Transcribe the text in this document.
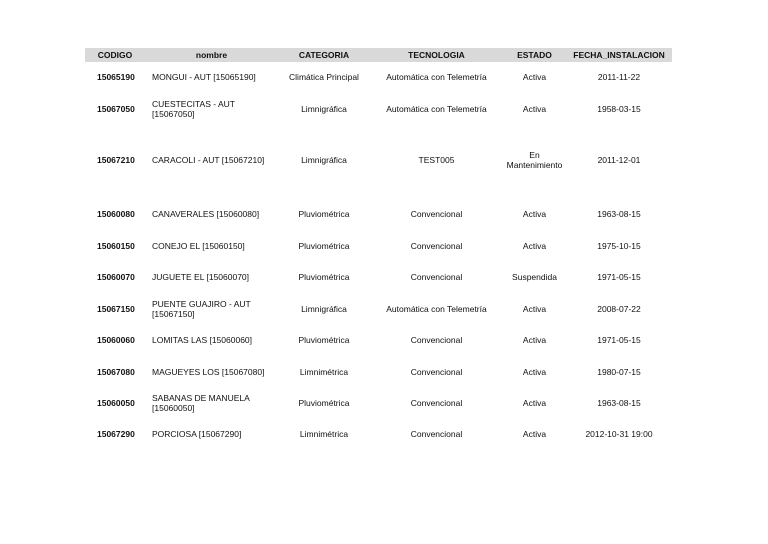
CODIGO	nombre	CATEGORIA	TECNOLOGIA	ESTADO	FECHA_INSTALACION
15065190	MONGUI - AUT [15065190]	Climática Principal	Automática con Telemetría	Activa	2011-11-22
15067050	CUESTECITAS - AUT [15067050]	Limnigráfica	Automática con Telemetría	Activa	1958-03-15
15067210	CARACOLI - AUT [15067210]	Limnigráfica	TEST005	En Mantenimiento	2011-12-01
15060080	CANAVERALES [15060080]	Pluviométrica	Convencional	Activa	1963-08-15
15060150	CONEJO EL [15060150]	Pluviométrica	Convencional	Activa	1975-10-15
15060070	JUGUETE EL [15060070]	Pluviométrica	Convencional	Suspendida	1971-05-15
15067150	PUENTE GUAJIRO - AUT [15067150]	Limnigráfica	Automática con Telemetría	Activa	2008-07-22
15060060	LOMITAS LAS [15060060]	Pluviométrica	Convencional	Activa	1971-05-15
15067080	MAGUEYES LOS [15067080]	Limnimétrica	Convencional	Activa	1980-07-15
15060050	SABANAS DE MANUELA [15060050]	Pluviométrica	Convencional	Activa	1963-08-15
15067290	PORCIOSA [15067290]	Limnimétrica	Convencional	Activa	2012-10-31 19:00
